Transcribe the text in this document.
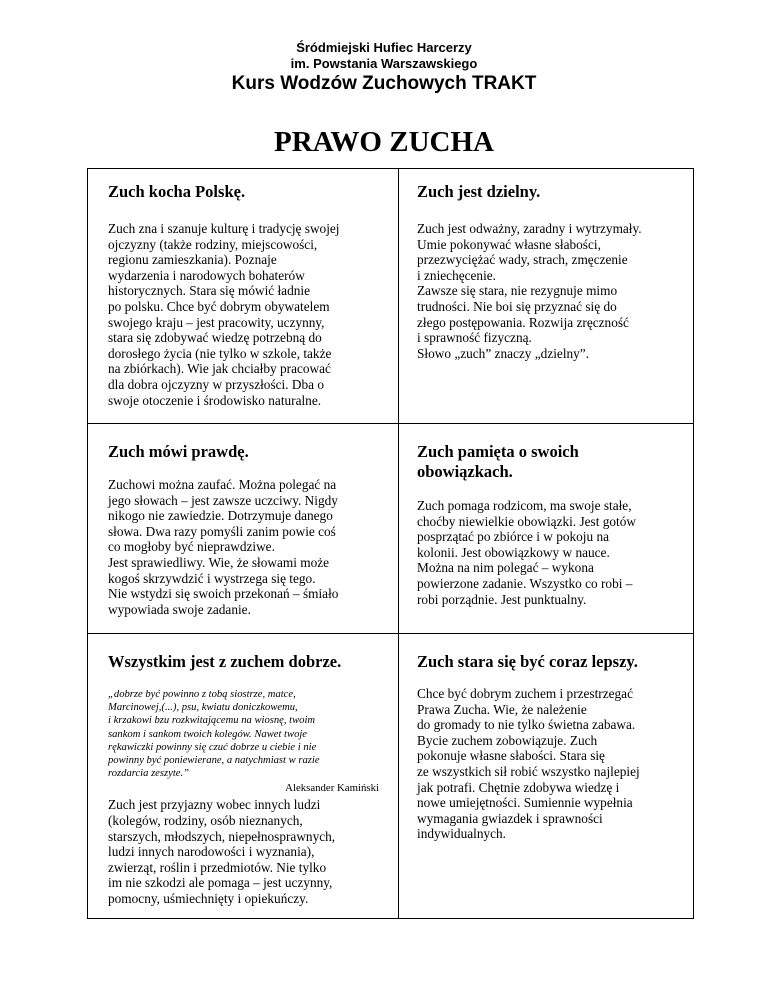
Śródmiejski Hufiec Harcerzy
im. Powstania Warszawskiego
Kurs Wodzów Zuchowych TRAKT
PRAWO ZUCHA
Zuch kocha Polskę.

Zuch zna i szanuje kulturę i tradycję swojej
ojczyzny (także rodziny, miejscowości,
regionu zamieszkania). Poznaje
wydarzenia i narodowych bohaterów
historycznych. Stara się mówić ładnie
po polsku. Chce być dobrym obywatelem
swojego kraju – jest pracowity, uczynny,
stara się zdobywać wiedzę potrzebną do
dorosłego życia (nie tylko w szkole, także
na zbiórkach). Wie jak chciałby pracować
dla dobra ojczyzny w przyszłości. Dba o
swoje otoczenie i środowisko naturalne.

Zuch jest dzielny.

Zuch jest odważny, zaradny i wytrzymały.
Umie pokonywać własne słabości,
przezwyciężać wady, strach, zmęczenie
i zniechęcenie.
Zawsze się stara, nie rezygnuje mimo
trudności. Nie boi się przyznać się do
złego postępowania. Rozwija zręczność
i sprawność fizyczną.
Słowo „zuch” znaczy „dzielny”.

Zuch mówi prawdę.

Zuchowi można zaufać. Można polegać na
jego słowach – jest zawsze uczciwy. Nigdy
nikogo nie zawiedzie. Dotrzymuje danego
słowa. Dwa razy pomyśli zanim powie coś
co mogłoby być nieprawdziwe.
Jest sprawiedliwy. Wie, że słowami może
kogoś skrzywdzić i wystrzega się tego.
Nie wstydzi się swoich przekonań – śmiało
wypowiada swoje zadanie.

Zuch pamięta o swoich
obowiązkach.

Zuch pomaga rodzicom, ma swoje stałe,
choćby niewielkie obowiązki. Jest gotów
posprzątać po zbiórce i w pokoju na
kolonii. Jest obowiązkowy w nauce.
Można na nim polegać – wykona
powierzone zadanie. Wszystko co robi –
robi porządnie. Jest punktualny.

Wszystkim jest z zuchem dobrze.

„dobrze być powinno z tobą siostrze, matce,
Marcinowej,(...), psu, kwiatu doniczkowemu,
i krzakowi bzu rozkwitającemu na wiosnę, twoim
sankom i sankom twoich kolegów. Nawet twoje
rękawiczki powinny się czuć dobrze u ciebie i nie
powinny być poniewierane, a natychmiast w razie
rozdarcia zeszyte.”

Aleksander Kamiński

Zuch jest przyjazny wobec innych ludzi
(kolegów, rodziny, osób nieznanych,
starszych, młodszych, niepełnosprawnych,
ludzi innych narodowości i wyznania),
zwierząt, roślin i przedmiotów. Nie tylko
im nie szkodzi ale pomaga – jest uczynny,
pomocny, uśmiechnięty i opiekuńczy.

Zuch stara się być coraz lepszy.

Chce być dobrym zuchem i przestrzegać
Prawa Zucha. Wie, że należenie
do gromady to nie tylko świetna zabawa.
Bycie zuchem zobowiązuje. Zuch
pokonuje własne słabości. Stara się
ze wszystkich sił robić wszystko najlepiej
jak potrafi. Chętnie zdobywa wiedzę i
nowe umiejętności. Sumiennie wypełnia
wymagania gwiazdek i sprawności
indywidualnych.
